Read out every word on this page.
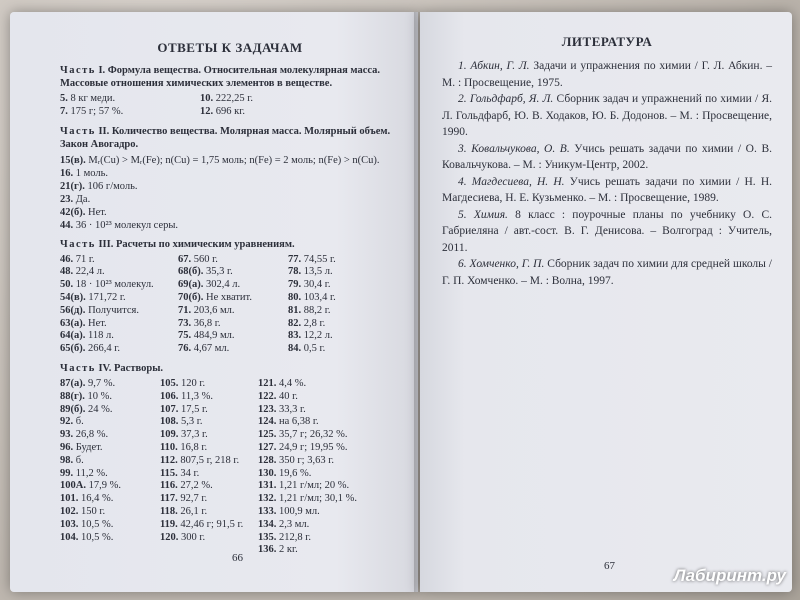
ОТВЕТЫ К ЗАДАЧАМ
Часть I. Формула вещества. Относительная молекулярная масса. Массовые отношения химических элементов в веществе.
5. 8 кг меди.
7. 175 г; 57 %.
10. 222,25 г.
12. 696 кг.
Часть II. Количество вещества. Молярная масса. Молярный объем. Закон Авогадро.
15(в). Mᵣ(Cu) > Mᵣ(Fe); n(Cu) = 1,75 моль; n(Fe) = 2 моль; n(Fe) > n(Cu).
16. 1 моль.
21(г). 106 г/моль.
23. Да.
42(б). Нет.
44. 36 · 10²³ молекул серы.
Часть III. Расчеты по химическим уравнениям.
46. 71 г.
48. 22,4 л.
50. 18 · 10²³ молекул.
54(в). 171,72 г.
56(д). Получится.
63(а). Нет.
64(а). 118 л.
65(б). 266,4 г.
67. 560 г.
68(б). 35,3 г.
69(а). 302,4 л.
70(б). Не хватит.
71. 203,6 мл.
73. 36,8 г.
75. 484,9 мл.
76. 4,67 мл.
77. 74,55 г.
78. 13,5 л.
79. 30,4 г.
80. 103,4 г.
81. 88,2 г.
82. 2,8 г.
83. 12,2 л.
84. 0,5 г.
Часть IV. Растворы.
87(а). 9,7 %.
88(г). 10 %.
89(б). 24 %.
92. б.
93. 26,8 %.
96. Будет.
98. б.
99. 11,2 %.
100А. 17,9 %.
101. 16,4 %.
102. 150 г.
103. 10,5 %.
104. 10,5 %.
105. 120 г.
106. 11,3 %.
107. 17,5 г.
108. 5,3 г.
109. 37,3 г.
110. 16,8 г.
112. 807,5 г, 218 г.
115. 34 г.
116. 27,2 %.
117. 92,7 г.
118. 26,1 г.
119. 42,46 г; 91,5 г.
120. 300 г.
121. 4,4 %.
122. 40 г.
123. 33,3 г.
124. на 6,38 г.
125. 35,7 г; 26,32 %.
127. 24,9 г; 19,95 %.
128. 350 г; 3,63 г.
130. 19,6 %.
131. 1,21 г/мл; 20 %.
132. 1,21 г/мл; 30,1 %.
133. 100,9 мл.
134. 2,3 мл.
135. 212,8 г.
136. 2 кг.
66
ЛИТЕРАТУРА

1. Абкин, Г. Л. Задачи и упражнения по химии / Г. Л. Абкин. – М. : Просвещение, 1975.

2. Гольдфарб, Я. Л. Сборник задач и упражнений по химии / Я. Л. Гольдфарб, Ю. В. Ходаков, Ю. Б. Додонов. – М. : Просвещение, 1990.

3. Ковальчукова, О. В. Учись решать задачи по химии / О. В. Ковальчукова. – М. : Уникум-Центр, 2002.

4. Магдесиева, Н. Н. Учись решать задачи по химии / Н. Н. Магдесиева, Н. Е. Кузьменко. – М. : Просвещение, 1989.

5. Химия. 8 класс : поурочные планы по учебнику О. С. Габриеляна / авт.-сост. В. Г. Денисова. – Волгоград : Учитель, 2011.

6. Хомченко, Г. П. Сборник задач по химии для средней школы / Г. П. Хомченко. – М. : Волна, 1997.

67	Лабиринт.ру
